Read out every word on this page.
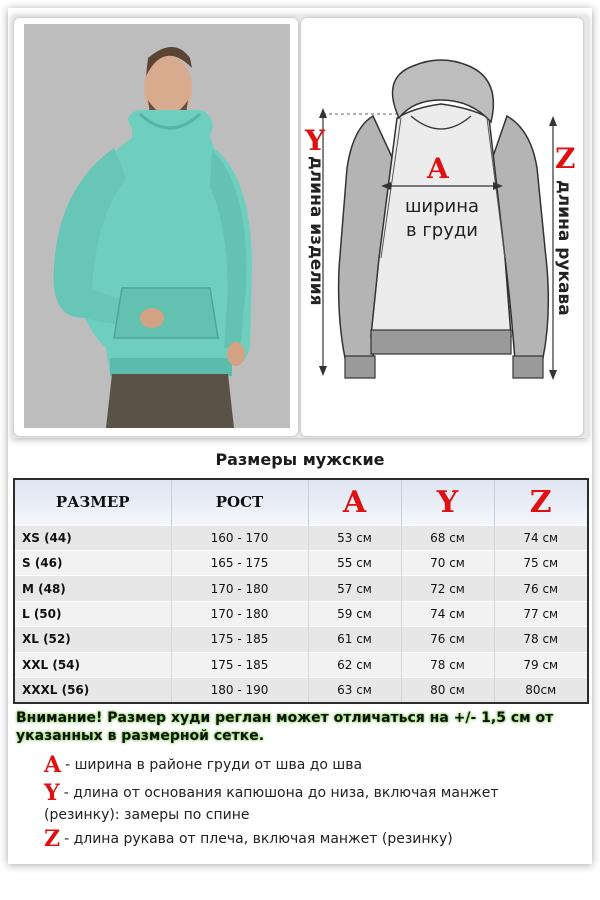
Y
A	Z
ширина
в груди
длина изделия	длина рукава
Размеры мужские
РАЗМЕР	РОСТ	A	Y	Z
XS (44)	160 - 170	53 см	68 см	74 см
S (46)	165 - 175	55 см	70 см	75 см
M (48)	170 - 180	57 см	72 см	76 см
L (50)	170 - 180	59 см	74 см	77 см
XL (52)	175 - 185	61 см	76 см	78 см
XXL (54)	175 - 185	62 см	78 см	79 см
XXXL (56)	180 - 190	63 см	80 см	80см
Внимание! Размер худи реглан может отличаться на +/- 1,5 см от указанных в размерной сетке.
A - ширина в районе груди от шва до шва
Y - длина от основания капюшона до низа, включая манжет (резинку): замеры по спине
Z - длина рукава от плеча, включая манжет (резинку)
